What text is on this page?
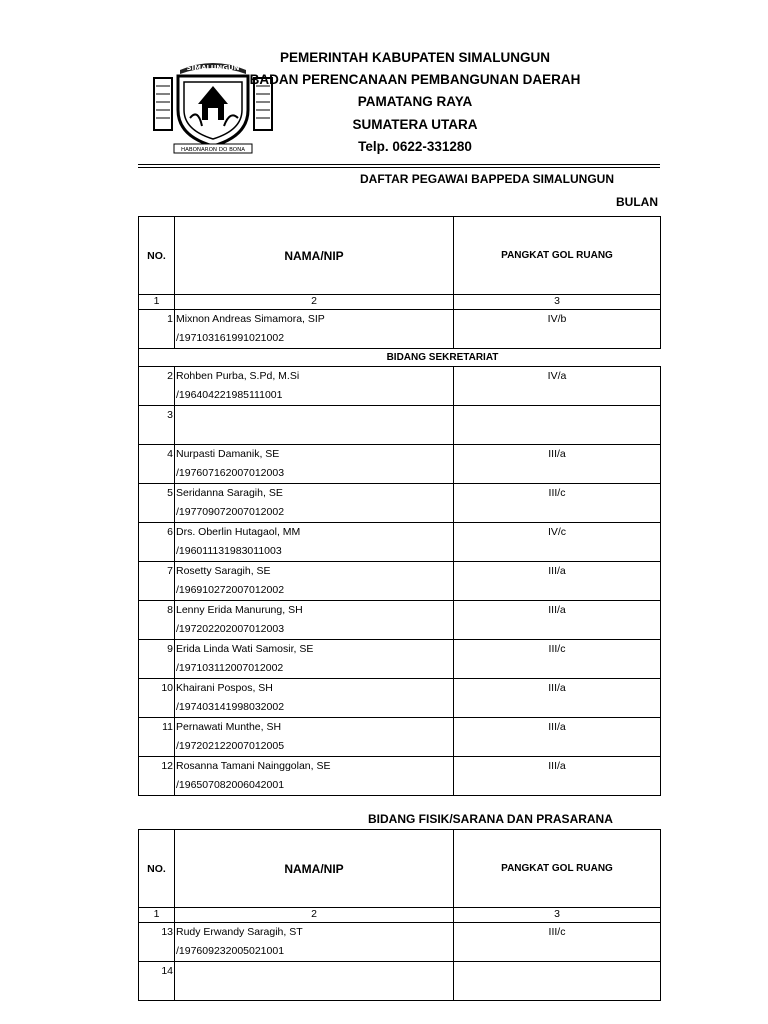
SIMALUNGUN
HABONARON DO BONA
PEMERINTAH KABUPATEN SIMALUNGUN
BADAN PERENCANAAN PEMBANGUNAN DAERAH
PAMATANG RAYA
SUMATERA UTARA
Telp. 0622-331280
DAFTAR PEGAWAI BAPPEDA SIMALUNGUN
BULAN
NO.	NAMA/NIP	PANGKAT GOL RUANG
1	2	3

1	Mixnon Andreas Simamora, SIP
/197103161991021002	IV/b

	BIDANG SEKRETARIAT	

2	Rohben Purba, S.Pd, M.Si
/196404221985111001	IV/a

3		

4	Nurpasti Damanik, SE
/197607162007012003	III/a

5	Seridanna Saragih, SE
/197709072007012002	III/c

6	Drs. Oberlin Hutagaol, MM
/196011131983011003	IV/c

7	Rosetty Saragih, SE
/196910272007012002	III/a

8	Lenny Erida Manurung, SH
/197202202007012003	III/a

9	Erida Linda Wati Samosir, SE
/197103112007012002	III/c

10	Khairani Pospos, SH
/197403141998032002	III/a

11	Pernawati Munthe, SH
/197202122007012005	III/a

12	Rosanna Tamani Nainggolan, SE
/196507082006042001	III/a
BIDANG FISIK/SARANA DAN PRASARANA
NO.	NAMA/NIP	PANGKAT GOL RUANG
1	2	3

13	Rudy Erwandy Saragih, ST
/197609232005021001	III/c

14		
